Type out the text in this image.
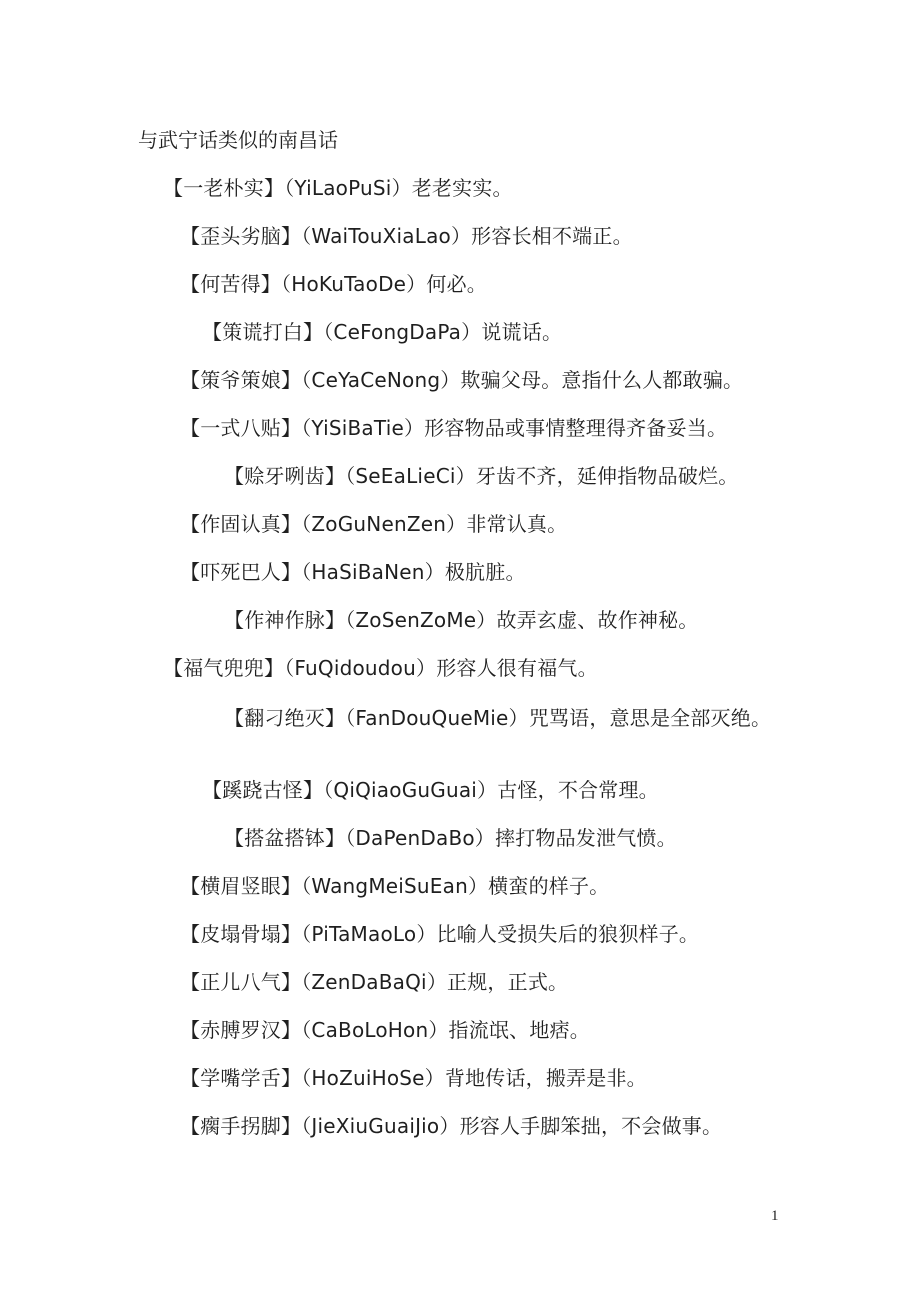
与武宁话类似的南昌话
【一老朴实】（YiLaoPuSi）老老实实。
【歪头劣脑】（WaiTouXiaLao）形容长相不端正。
【何苦得】（HoKuTaoDe）何必。
【策谎打白】（CeFongDaPa）说谎话。
【策爷策娘】（CeYaCeNong）欺骗父母。意指什么人都敢骗。
【一式八贴】（YiSiBaTie）形容物品或事情整理得齐备妥当。
【赊牙咧齿】（SeEaLieCi）牙齿不齐，延伸指物品破烂。
【作固认真】（ZoGuNenZen）非常认真。
【吓死巴人】（HaSiBaNen）极肮脏。
【作神作脉】（ZoSenZoMe）故弄玄虚、故作神秘。
【福气兜兜】（FuQidoudou）形容人很有福气。
【翻刁绝灭】（FanDouQueMie）咒骂语，意思是全部灭绝。
【蹊跷古怪】（QiQiaoGuGuai）古怪，不合常理。
【搭盆搭钵】（DaPenDaBo）摔打物品发泄气愤。
【横眉竖眼】（WangMeiSuEan）横蛮的样子。
【皮塌骨塌】（PiTaMaoLo）比喻人受损失后的狼狈样子。
【正儿八气】（ZenDaBaQi）正规，正式。
【赤膊罗汉】（CaBoLoHon）指流氓、地痞。
【学嘴学舌】（HoZuiHoSe）背地传话，搬弄是非。
【瘸手拐脚】（JieXiuGuaiJio）形容人手脚笨拙，不会做事。
1
